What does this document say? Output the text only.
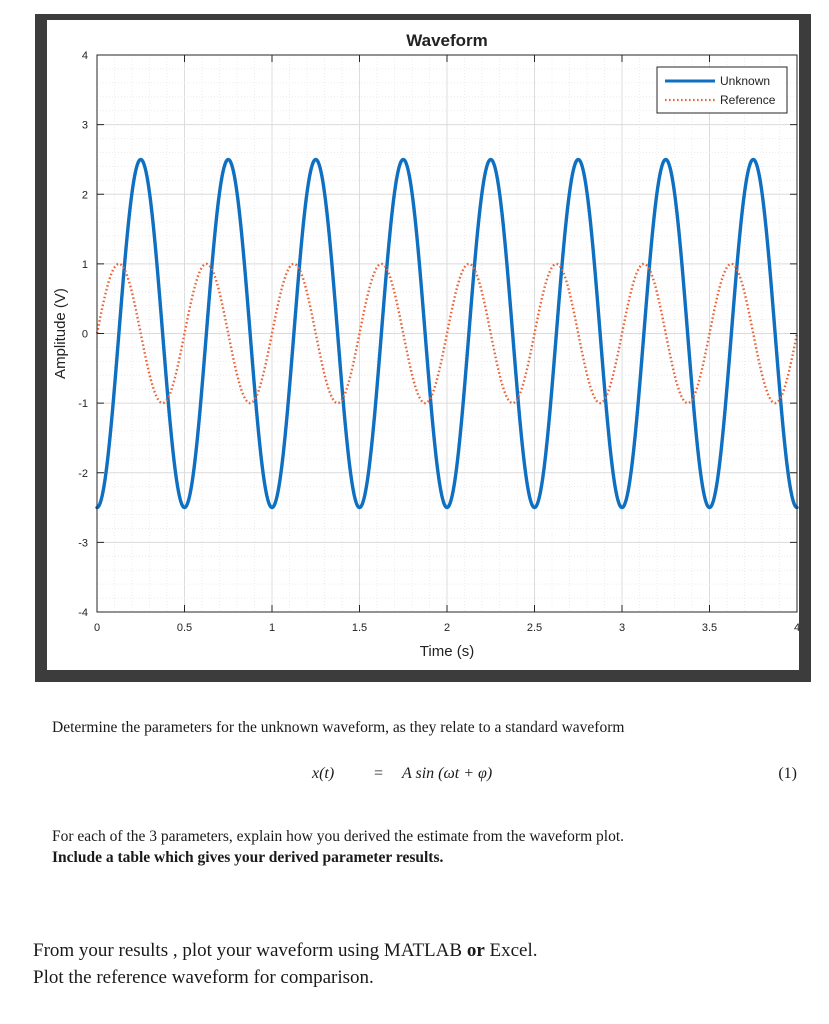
0	0.5	1	1.5	2	2.5	3	3.5	4
-4
-3
-2
-1
0
1
2
3
4
Waveform
Time (s)
Amplitude (V)
Unknown
Reference
Determine the parameters for the unknown waveform, as they relate to a standard waveform
x(t) = A sin (ωt + φ)	(1)
For each of the 3 parameters, explain how you derived the estimate from the waveform plot.
Include a table which gives your derived parameter results.
From your results , plot your waveform using MATLAB or Excel.
Plot the reference waveform for comparison.
